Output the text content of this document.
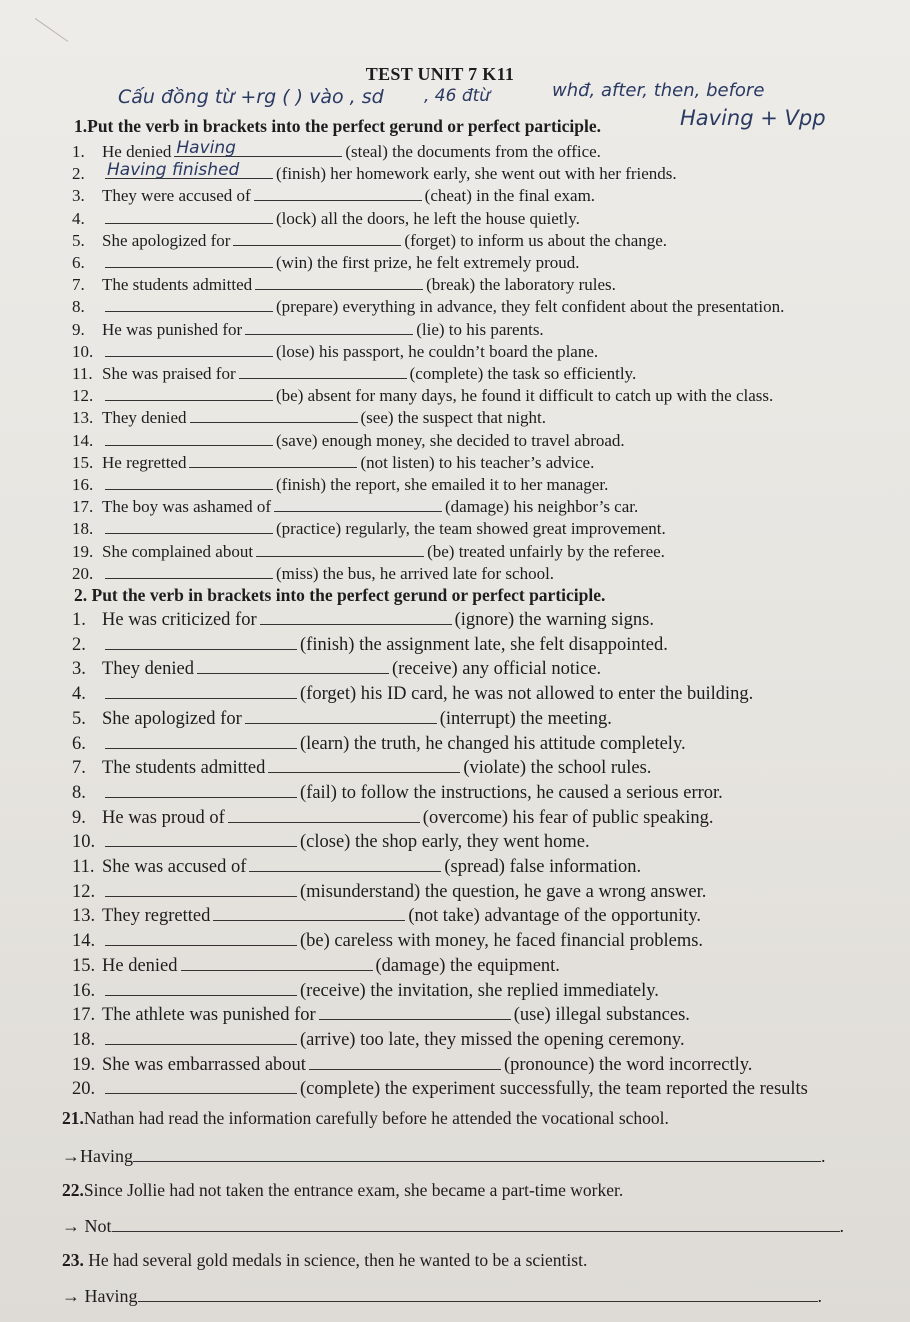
TEST UNIT 7 K11
Cấu đồng từ +rg ( ) vào , sd , 46 đtừ	whđ, after, then, before
1.Put the verb in brackets into the perfect gerund or perfect participle.	Having + Vpp
1. He denied Having	(steal) the documents from the office.
2. Having finished (finish) her homework early, she went out with her friends.
3. They were accused of	(cheat) in the final exam.
4.	(lock) all the doors, he left the house quietly.
5. She apologized for	(forget) to inform us about the change.
6.	(win) the first prize, he felt extremely proud.
7. The students admitted	(break) the laboratory rules.
8.	(prepare) everything in advance, they felt confident about the presentation.
9. He was punished for	(lie) to his parents.
10.	(lose) his passport, he couldn’t board the plane.
11. She was praised for	(complete) the task so efficiently.
12.	(be) absent for many days, he found it difficult to catch up with the class.
13. They denied	(see) the suspect that night.
14.	(save) enough money, she decided to travel abroad.
15. He regretted	(not listen) to his teacher’s advice.
16.	(finish) the report, she emailed it to her manager.
17. The boy was ashamed of	(damage) his neighbor’s car.
18.	(practice) regularly, the team showed great improvement.
19. She complained about	(be) treated unfairly by the referee.
20.	(miss) the bus, he arrived late for school.
1. He was criticized for	(ignore) the warning signs.
2.	(finish) the assignment late, she felt disappointed.
3. They denied	(receive) any official notice.
4.	(forget) his ID card, he was not allowed to enter the building.
5. She apologized for	(interrupt) the meeting.
6.	(learn) the truth, he changed his attitude completely.
7. The students admitted	(violate) the school rules.
8.	(fail) to follow the instructions, he caused a serious error.
9. He was proud of	(overcome) his fear of public speaking.
10.	(close) the shop early, they went home.
11. She was accused of	(spread) false information.
12.	(misunderstand) the question, he gave a wrong answer.
13. They regretted	(not take) advantage of the opportunity.
14.	(be) careless with money, he faced financial problems.
15. He denied	(damage) the equipment.
16.	(receive) the invitation, she replied immediately.
17. The athlete was punished for	(use) illegal substances.
18.	(arrive) too late, they missed the opening ceremony.
19. She was embarrassed about	(pronounce) the word incorrectly.
20.	(complete) the experiment successfully, the team reported the results
2. Put the verb in brackets into the perfect gerund or perfect participle.
21.Nathan had read the information carefully before he attended the vocational school.
→Having	.
22.Since Jollie had not taken the entrance exam, she became a part-time worker.
→ Not	.
23. He had several gold medals in science, then he wanted to be a scientist.
→ Having	.
